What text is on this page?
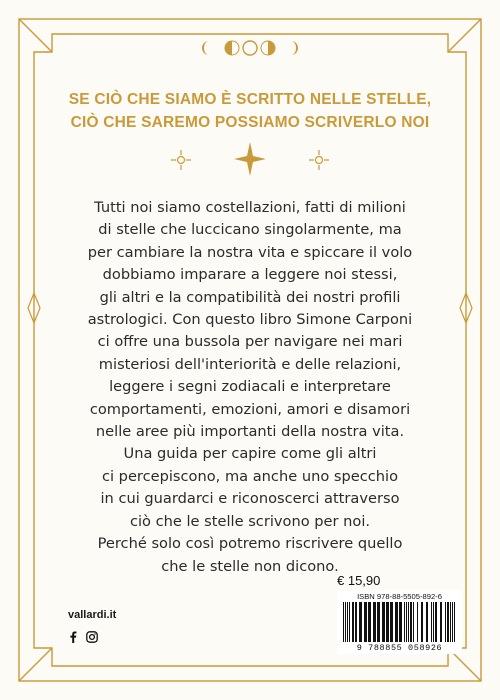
SE CIÒ CHE SIAMO È SCRITTO NELLE STELLE,
CIÒ CHE SAREMO POSSIAMO SCRIVERLO NOI
Tutti noi siamo costellazioni, fatti di milioni
di stelle che luccicano singolarmente, ma
per cambiare la nostra vita e spiccare il volo
dobbiamo imparare a leggere noi stessi,
gli altri e la compatibilità dei nostri profili
astrologici. Con questo libro Simone Carponi
ci offre una bussola per navigare nei mari
misteriosi dell'interiorità e delle relazioni,
leggere i segni zodiacali e interpretare
comportamenti, emozioni, amori e disamori
nelle aree più importanti della nostra vita.
Una guida per capire come gli altri
ci percepiscono, ma anche uno specchio
in cui guardarci e riconoscerci attraverso
ciò che le stelle scrivono per noi.
Perché solo così potremo riscrivere quello
che le stelle non dicono.
€ 15,90
ISBN 978-88-5505-892-6
9 788855 058926
vallardi.it
